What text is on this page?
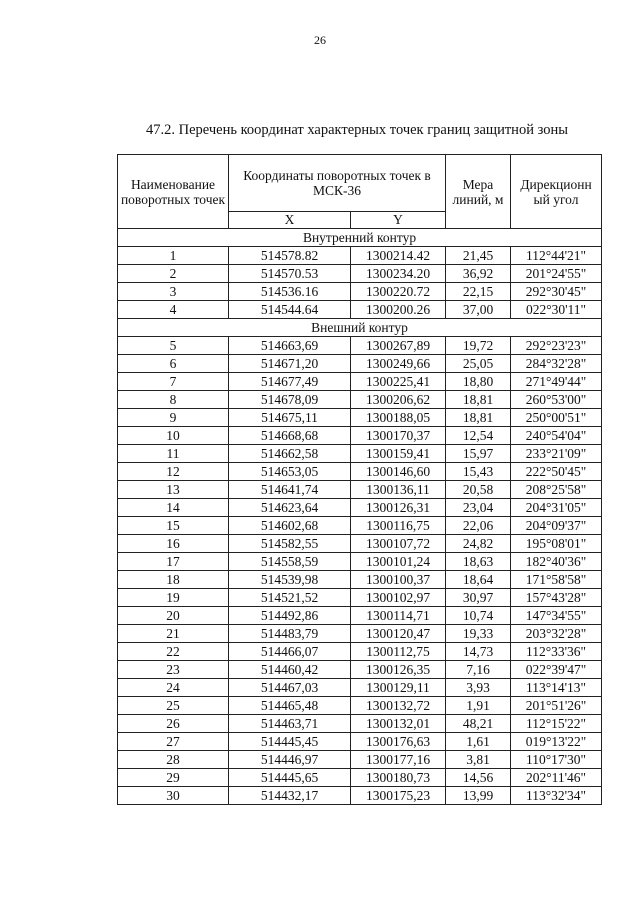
26
47.2. Перечень координат характерных точек границ защитной зоны
Наименование поворотных точек	Координаты поворотных точек в МСК-36		Мера линий, м	Дирекционн ый угол
	X	Y		
Внутренний контур				
1	514578.82	1300214.42	21,45	112°44'21"
2	514570.53	1300234.20	36,92	201°24'55"
3	514536.16	1300220.72	22,15	292°30'45"
4	514544.64	1300200.26	37,00	022°30'11"
Внешний контур				
5	514663,69	1300267,89	19,72	292°23'23"
6	514671,20	1300249,66	25,05	284°32'28"
7	514677,49	1300225,41	18,80	271°49'44"
8	514678,09	1300206,62	18,81	260°53'00"
9	514675,11	1300188,05	18,81	250°00'51"
10	514668,68	1300170,37	12,54	240°54'04"
11	514662,58	1300159,41	15,97	233°21'09"
12	514653,05	1300146,60	15,43	222°50'45"
13	514641,74	1300136,11	20,58	208°25'58"
14	514623,64	1300126,31	23,04	204°31'05"
15	514602,68	1300116,75	22,06	204°09'37"
16	514582,55	1300107,72	24,82	195°08'01"
17	514558,59	1300101,24	18,63	182°40'36"
18	514539,98	1300100,37	18,64	171°58'58"
19	514521,52	1300102,97	30,97	157°43'28"
20	514492,86	1300114,71	10,74	147°34'55"
21	514483,79	1300120,47	19,33	203°32'28"
22	514466,07	1300112,75	14,73	112°33'36"
23	514460,42	1300126,35	7,16	022°39'47"
24	514467,03	1300129,11	3,93	113°14'13"
25	514465,48	1300132,72	1,91	201°51'26"
26	514463,71	1300132,01	48,21	112°15'22"
27	514445,45	1300176,63	1,61	019°13'22"
28	514446,97	1300177,16	3,81	110°17'30"
29	514445,65	1300180,73	14,56	202°11'46"
30	514432,17	1300175,23	13,99	113°32'34"
